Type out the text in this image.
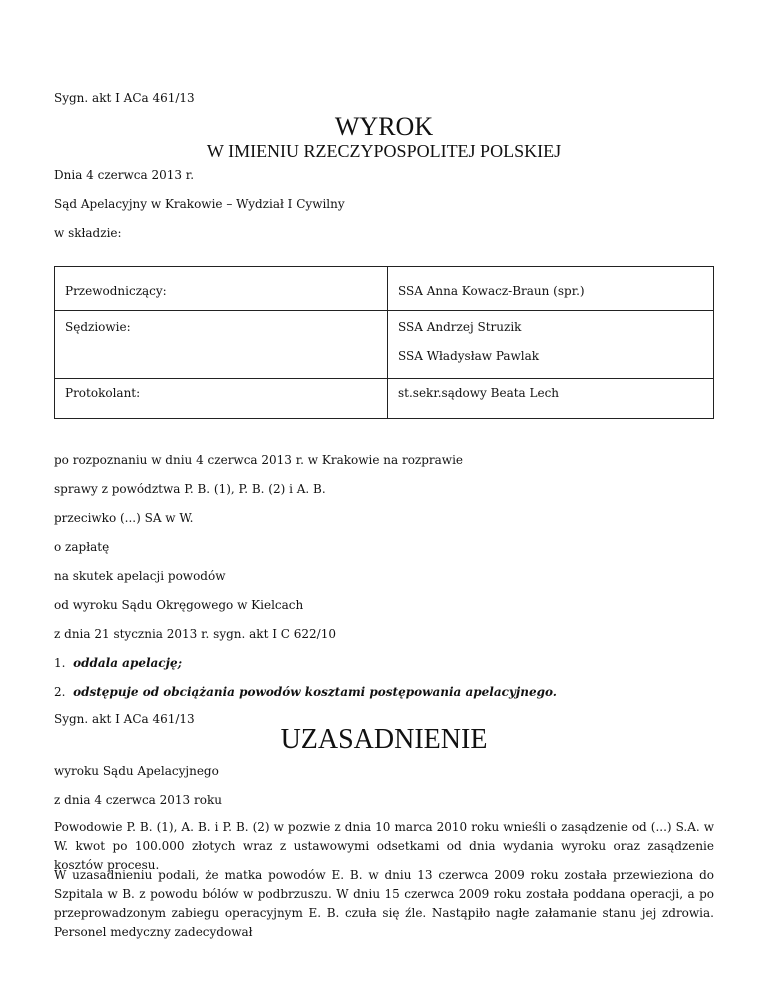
Sygn. akt I ACa 461/13
WYROK
W IMIENIU RZECZYPOSPOLITEJ POLSKIEJ
Dnia 4 czerwca 2013 r.
Sąd Apelacyjny w Krakowie – Wydział I Cywilny
w składzie:
Przewodniczący:	SSA Anna Kowacz-Braun (spr.)

Sędziowie:	SSA Andrzej Struzik
SSA Władysław Pawlak

Protokolant:	st.sekr.sądowy Beata Lech
po rozpoznaniu w dniu 4 czerwca 2013 r. w Krakowie na rozprawie
sprawy z powództwa P. B. (1), P. B. (2) i A. B.
przeciwko (...) SA w W.
o zapłatę
na skutek apelacji powodów
od wyroku Sądu Okręgowego w Kielcach
z dnia 21 stycznia 2013 r. sygn. akt I C 622/10
1. oddala apelację;
2. odstępuje od obciążania powodów kosztami postępowania apelacyjnego.
Sygn. akt I ACa 461/13
UZASADNIENIE
wyroku Sądu Apelacyjnego
z dnia 4 czerwca 2013 roku
Powodowie P. B. (1), A. B. i P. B. (2) w pozwie z dnia 10 marca 2010 roku wnieśli o zasądzenie od (...) S.A. w W. kwot po 100.000 złotych wraz z ustawowymi odsetkami od dnia wydania wyroku oraz zasądzenie kosztów procesu.
W uzasadnieniu podali, że matka powodów E. B. w dniu 13 czerwca 2009 roku została przewieziona do Szpitala w B. z powodu bólów w podbrzuszu. W dniu 15 czerwca 2009 roku została poddana operacji, a po przeprowadzonym zabiegu operacyjnym E. B. czuła się źle. Nastąpiło nagłe załamanie stanu jej zdrowia. Personel medyczny zadecydował
